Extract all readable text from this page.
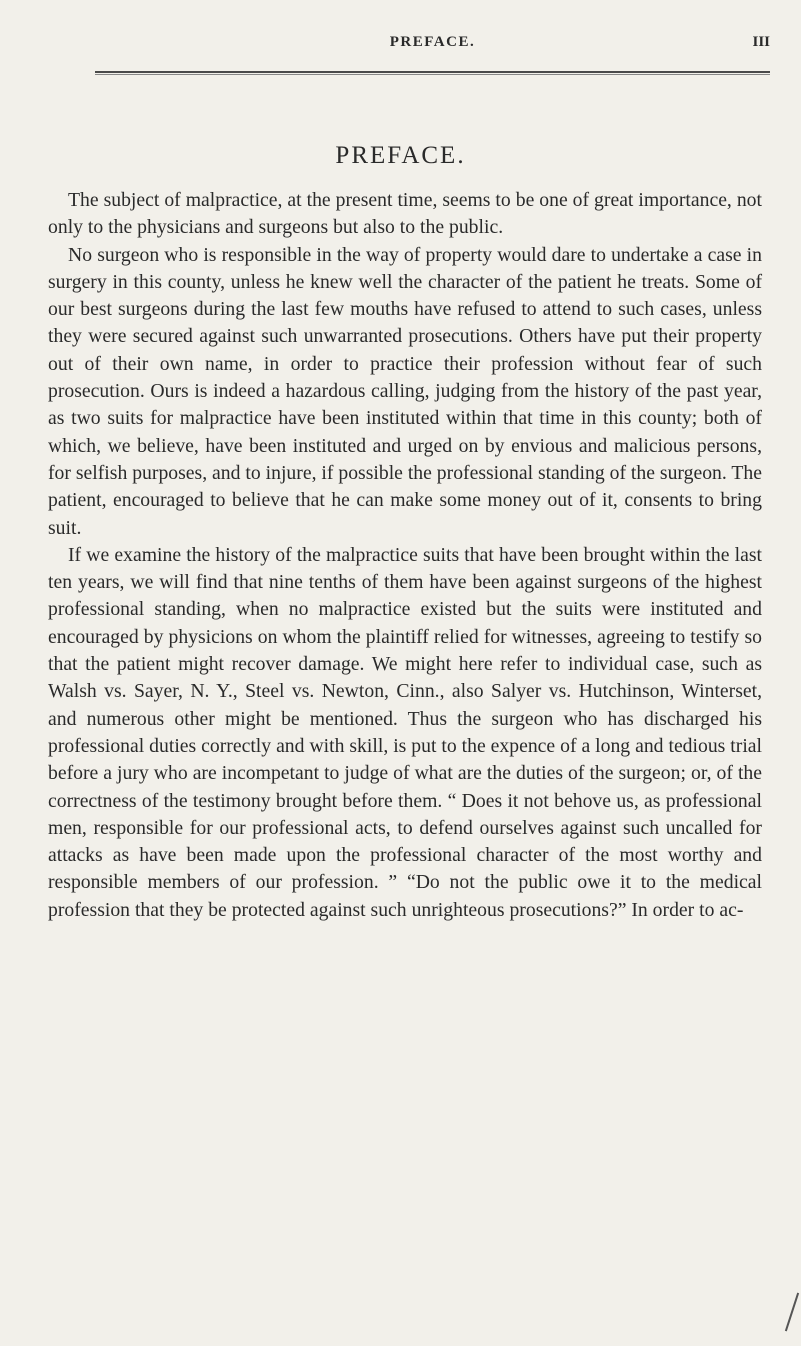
PREFACE.	III
PREFACE.

The subject of malpractice, at the present time, seems to be one of great importance, not only to the physicians and surgeons but also to the public.

No surgeon who is responsible in the way of property would dare to undertake a case in surgery in this county, unless he knew well the character of the patient he treats. Some of our best surgeons during the last few mouths have refused to attend to such cases, unless they were secured against such unwarranted prosecutions. Others have put their property out of their own name, in order to practice their profession without fear of such prosecution. Ours is indeed a hazardous calling, judging from the history of the past year, as two suits for malpractice have been instituted within that time in this county; both of which, we believe, have been instituted and urged on by envious and malicious persons, for selfish purposes, and to injure, if possible the professional standing of the surgeon. The patient, encouraged to believe that he can make some money out of it, consents to bring suit.

If we examine the history of the malpractice suits that have been brought within the last ten years, we will find that nine tenths of them have been against surgeons of the highest professional standing, when no malpractice existed but the suits were instituted and encouraged by physicions on whom the plaintiff relied for witnesses, agreeing to testify so that the patient might recover damage. We might here refer to individual case, such as Walsh vs. Sayer, N. Y., Steel vs. Newton, Cinn., also Salyer vs. Hutchinson, Winterset, and numerous other might be mentioned. Thus the surgeon who has discharged his professional duties correctly and with skill, is put to the expence of a long and tedious trial before a jury who are incompetant to judge of what are the duties of the surgeon; or, of the correctness of the testimony brought before them. “ Does it not behove us, as professional men, responsible for our professional acts, to defend ourselves against such uncalled for attacks as have been made upon the professional character of the most worthy and responsible members of our profession. ” “Do not the public owe it to the medical profession that they be protected against such unrighteous prosecutions?” In order to ac-
